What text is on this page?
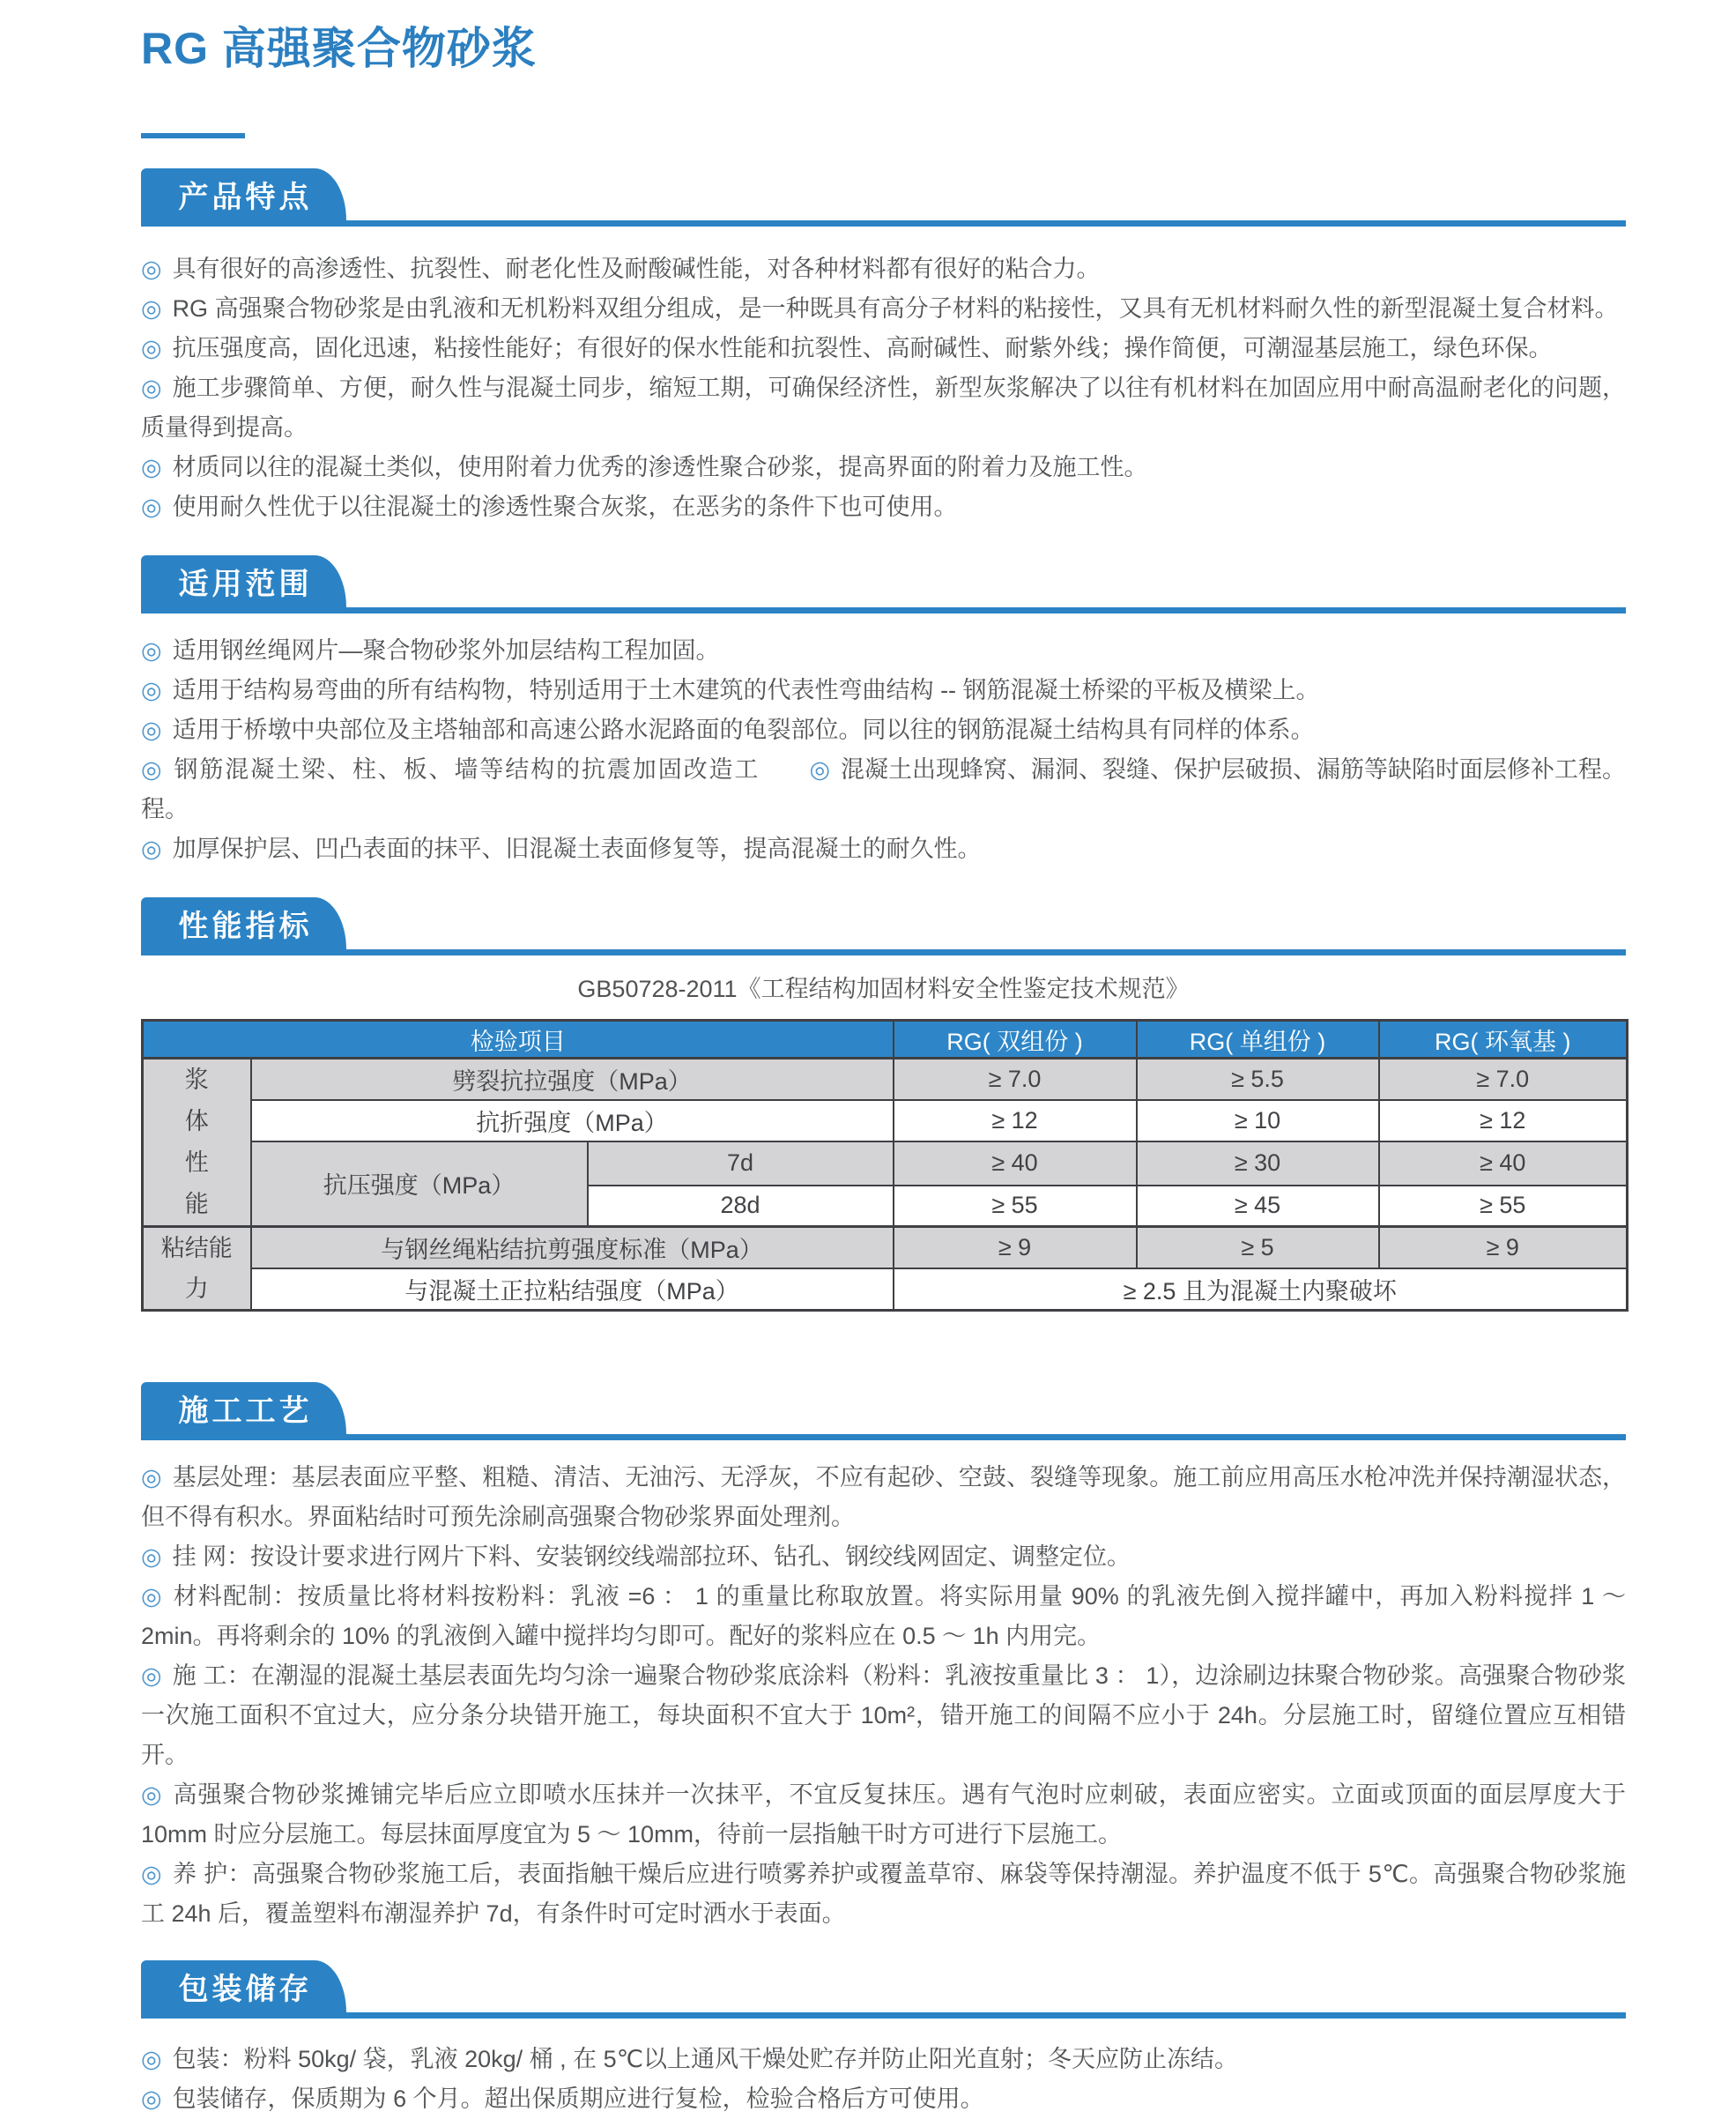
RG 高强聚合物砂浆
产品特点

◎ 具有很好的高渗透性、抗裂性、耐老化性及耐酸碱性能，对各种材料都有很好的粘合力。

◎ RG 高强聚合物砂浆是由乳液和无机粉料双组分组成，是一种既具有高分子材料的粘接性，又具有无机材料耐久性的新型混凝土复合材料。

◎ 抗压强度高，固化迅速，粘接性能好；有很好的保水性能和抗裂性、高耐碱性、耐紫外线；操作简便，可潮湿基层施工，绿色环保。

◎ 施工步骤简单、方便，耐久性与混凝土同步，缩短工期，可确保经济性，新型灰浆解决了以往有机材料在加固应用中耐高温耐老化的问题，质量得到提高。

◎ 材质同以往的混凝土类似，使用附着力优秀的渗透性聚合砂浆，提高界面的附着力及施工性。

◎ 使用耐久性优于以往混凝土的渗透性聚合灰浆，在恶劣的条件下也可使用。

适用范围

◎ 适用钢丝绳网片—聚合物砂浆外加层结构工程加固。

◎ 适用于结构易弯曲的所有结构物，特别适用于土木建筑的代表性弯曲结构 -- 钢筋混凝土桥梁的平板及横梁上。

◎ 适用于桥墩中央部位及主塔轴部和高速公路水泥路面的龟裂部位。同以往的钢筋混凝土结构具有同样的体系。

◎ 钢筋混凝土梁、柱、板、墙等结构的抗震加固改造工程。
◎ 混凝土出现蜂窝、漏洞、裂缝、保护层破损、漏筋等缺陷时面层修补工程。

◎ 加厚保护层、凹凸表面的抹平、旧混凝土表面修复等，提高混凝土的耐久性。

性能指标
GB50728-2011《工程结构加固材料安全性鉴定技术规范》
检验项目			RG( 双组份 )	RG( 单组份 )	RG( 环氧基 )

浆体性能	劈裂抗拉强度（MPa）		≥ 7.0	≥ 5.5	≥ 7.0
	抗折强度（MPa）		≥ 12	≥ 10	≥ 12
	抗压强度（MPa）	7d	≥ 40	≥ 30	≥ 40
		28d	≥ 55	≥ 45	≥ 55

粘结能力	与钢丝绳粘结抗剪强度标准（MPa）		≥ 9	≥ 5	≥ 9
	与混凝土正拉粘结强度（MPa）		≥ 2.5 且为混凝土内聚破坏		
施工工艺

◎ 基层处理：基层表面应平整、粗糙、清洁、无油污、无浮灰，不应有起砂、空鼓、裂缝等现象。施工前应用高压水枪冲洗并保持潮湿状态，但不得有积水。界面粘结时可预先涂刷高强聚合物砂浆界面处理剂。

◎ 挂 网：按设计要求进行网片下料、安装钢绞线端部拉环、钻孔、钢绞线网固定、调整定位。

◎ 材料配制：按质量比将材料按粉料：乳液 =6 ： 1 的重量比称取放置。将实际用量 90% 的乳液先倒入搅拌罐中，再加入粉料搅拌 1 ～ 2min。再将剩余的 10% 的乳液倒入罐中搅拌均匀即可。配好的浆料应在 0.5 ～ 1h 内用完。

◎ 施 工：在潮湿的混凝土基层表面先均匀涂一遍聚合物砂浆底涂料（粉料：乳液按重量比 3 ： 1），边涂刷边抹聚合物砂浆。高强聚合物砂浆一次施工面积不宜过大，应分条分块错开施工，每块面积不宜大于 10m²，错开施工的间隔不应小于 24h。分层施工时，留缝位置应互相错开。

◎ 高强聚合物砂浆摊铺完毕后应立即喷水压抹并一次抹平，不宜反复抹压。遇有气泡时应刺破，表面应密实。立面或顶面的面层厚度大于 10mm 时应分层施工。每层抹面厚度宜为 5 ～ 10mm，待前一层指触干时方可进行下层施工。

◎ 养 护：高强聚合物砂浆施工后，表面指触干燥后应进行喷雾养护或覆盖草帘、麻袋等保持潮湿。养护温度不低于 5℃。高强聚合物砂浆施工 24h 后，覆盖塑料布潮湿养护 7d，有条件时可定时洒水于表面。

包装储存

◎ 包装：粉料 50kg/ 袋，乳液 20kg/ 桶 , 在 5℃以上通风干燥处贮存并防止阳光直射；冬天应防止冻结。

◎ 包装储存，保质期为 6 个月。超出保质期应进行复检，检验合格后方可使用。
